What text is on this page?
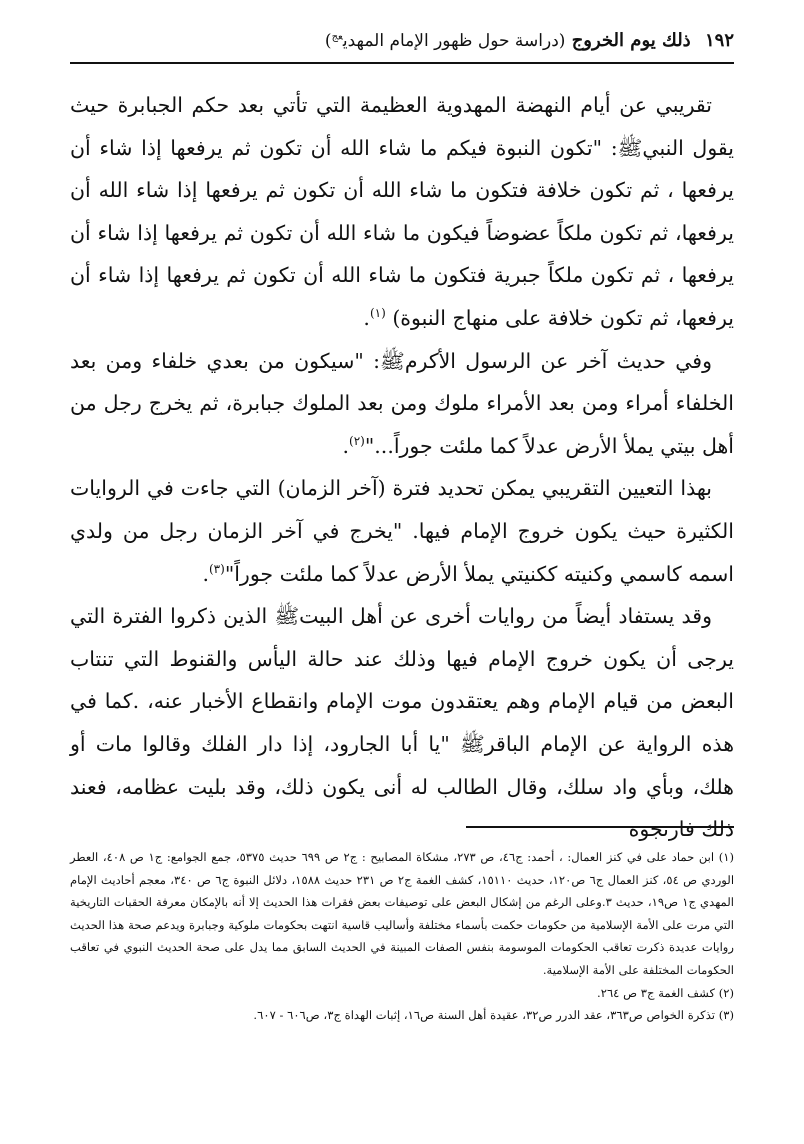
١٩٢ ذلك يوم الخروج (دراسة حول ظهور الإمام المهدي$^{عج}$)

تقريبي عن أيام النهضة المهدوية العظيمة التي تأتي بعد حكم الجبابرة حيث يقول النبيﷺ: "تكون النبوة فيكم ما شاء الله أن تكون ثم يرفعها إذا شاء أن يرفعها ، ثم تكون خلافة فتكون ما شاء الله أن تكون ثم يرفعها إذا شاء الله أن يرفعها، ثم تكون ملكاً عضوضاً فيكون ما شاء الله أن تكون ثم يرفعها إذا شاء أن يرفعها ، ثم تكون ملكاً جبرية فتكون ما شاء الله أن تكون ثم يرفعها إذا شاء أن يرفعها، ثم تكون خلافة على منهاج النبوة) $^{(١)}$.

وفي حديث آخر عن الرسول الأكرمﷺ: "سيكون من بعدي خلفاء ومن بعد الخلفاء أمراء ومن بعد الأمراء ملوك ومن بعد الملوك جبابرة، ثم يخرج رجل من أهل بيتي يملأ الأرض عدلاً كما ملئت جوراً..."$^{(٢)}$.

بهذا التعيين التقريبي يمكن تحديد فترة (آخر الزمان) التي جاءت في الروايات الكثيرة حيث يكون خروج الإمام فيها. "يخرج في آخر الزمان رجل من ولدي اسمه كاسمي وكنيته ككنيتي يملأ الأرض عدلاً كما ملئت جوراً"$^{(٣)}$.

وقد يستفاد أيضاً من روايات أخرى عن أهل البيتﷺ الذين ذكروا الفترة التي يرجى أن يكون خروج الإمام فيها وذلك عند حالة اليأس والقنوط التي تنتاب البعض من قيام الإمام وهم يعتقدون موت الإمام وانقطاع الأخبار عنه، .كما في هذه الرواية عن الإمام الباقرﷺ "يا أبا الجارود، إذا دار الفلك وقالوا مات أو هلك، وبأي واد سلك، وقال الطالب له أنى يكون ذلك، وقد بليت عظامه، فعند ذلك فارتجوه

(١) ابن حماد على في كنز العمال: ، أحمد: ج٤٦، ص ٢٧٣، مشكاة المصابيح : ج٢ ص ٦٩٩ حديث ٥٣٧٥، جمع الجوامع: ج١ ص ٤٠٨، العطر الوردي ص ٥٤، كنز العمال ج٦ ص١٢٠، حديث ١٥١١٠، كشف الغمة ج٢ ص ٢٣١ حديث ١٥٨٨، دلائل النبوة ج٦ ص ٣٤٠، معجم أحاديث الإمام المهدي ج١ ص١٩، حديث ٣.وعلى الرغم من إشكال البعض على توصيفات بعض فقرات هذا الحديث إلا أنه بالإمكان معرفة الحقبات التاريخية التي مرت على الأمة الإسلامية من حكومات حكمت بأسماء مختلفة وأساليب قاسية انتهت بحكومات ملوكية وجبابرة ويدعم صحة هذا الحديث روايات عديدة ذكرت تعاقب الحكومات الموسومة بنفس الصفات المبينة في الحديث السابق مما يدل على صحة الحديث النبوي في تعاقب الحكومات المختلفة على الأمة الإسلامية.

(٢) كشف الغمة ج٣ ص ٢٦٤.

(٣) تذكرة الخواص ص٣٦٣، عقد الدرر ص٣٢، عقيدة أهل السنة ص١٦، إثبات الهداة ج٣، ص٦٠٦ - ٦٠٧.
